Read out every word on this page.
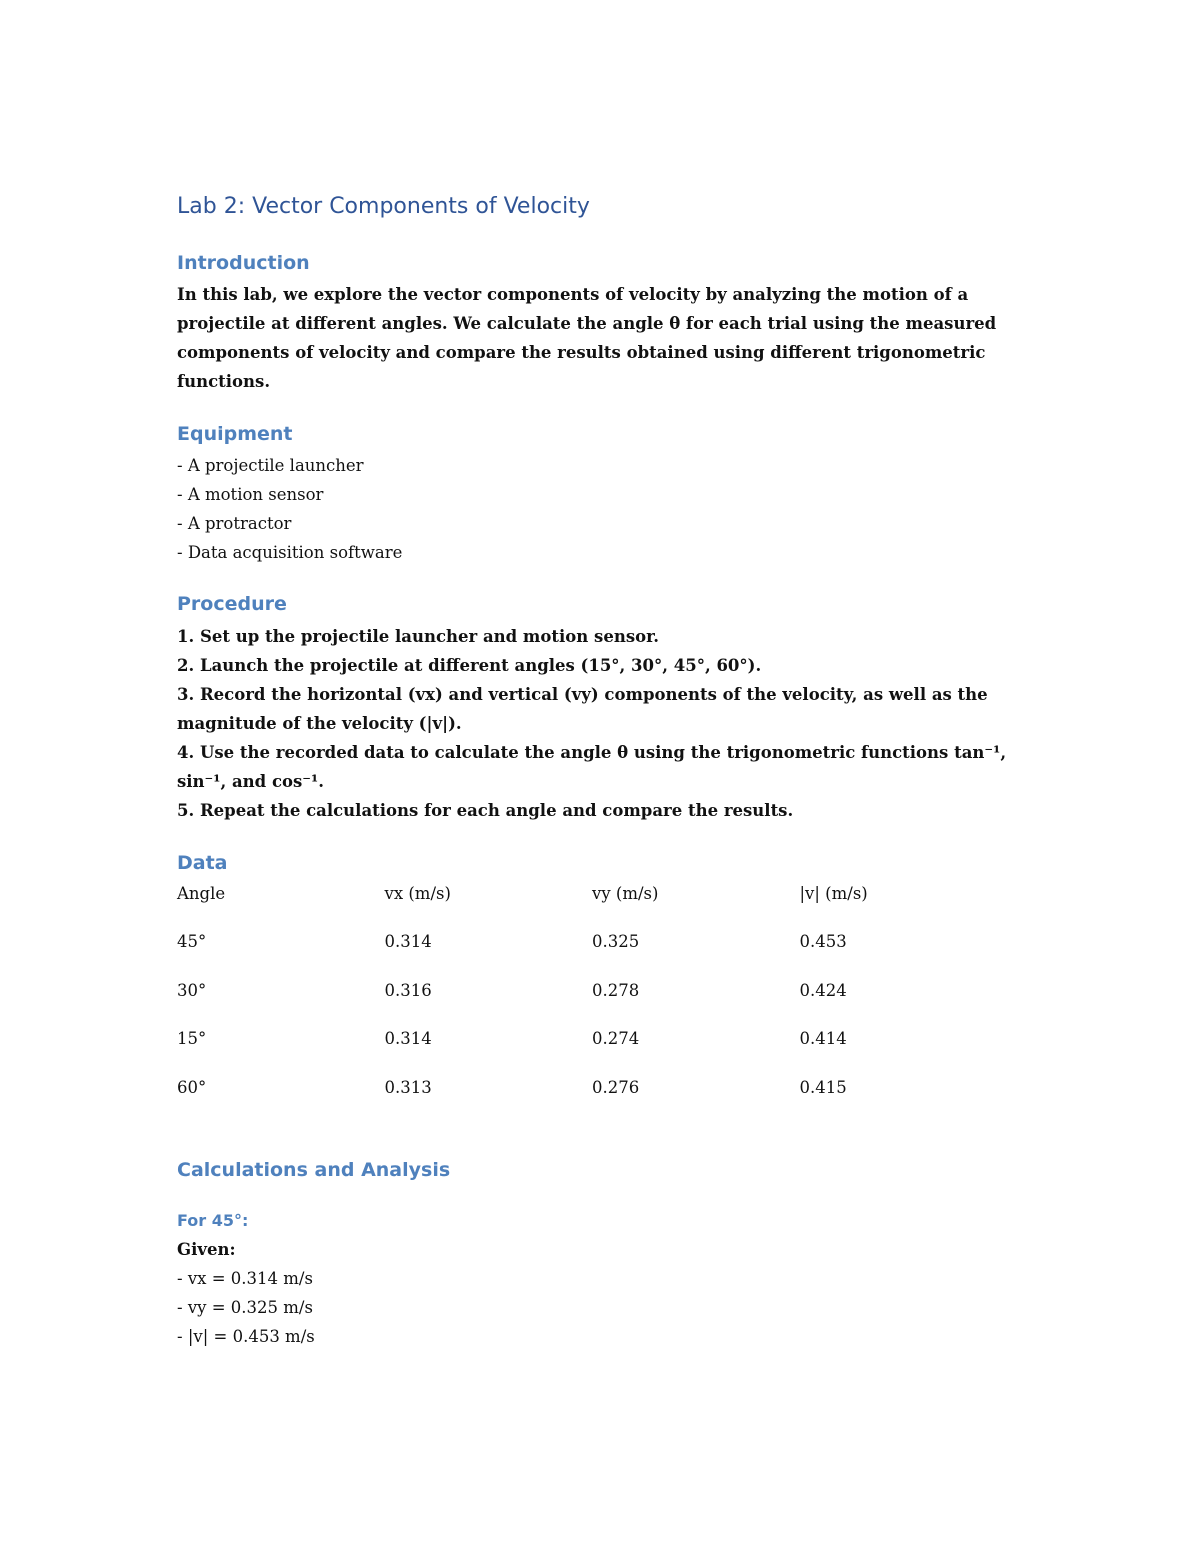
Lab 2: Vector Components of Velocity
Introduction
In this lab, we explore the vector components of velocity by analyzing the motion of a
projectile at different angles. We calculate the angle θ for each trial using the measured
components of velocity and compare the results obtained using different trigonometric
functions.
Equipment
- A projectile launcher
- A motion sensor
- A protractor
- Data acquisition software
Procedure
1. Set up the projectile launcher and motion sensor.
2. Launch the projectile at different angles (15°, 30°, 45°, 60°).
3. Record the horizontal (vx) and vertical (vy) components of the velocity, as well as the
magnitude of the velocity (|v|).
4. Use the recorded data to calculate the angle θ using the trigonometric functions tan⁻¹,
sin⁻¹, and cos⁻¹.
5. Repeat the calculations for each angle and compare the results.
Data
Angle	vx (m/s)	vy (m/s)	|v| (m/s)
45°	0.314	0.325	0.453
30°	0.316	0.278	0.424
15°	0.314	0.274	0.414
60°	0.313	0.276	0.415
Calculations and Analysis
For 45°:
Given:
- vx = 0.314 m/s
- vy = 0.325 m/s
- |v| = 0.453 m/s
